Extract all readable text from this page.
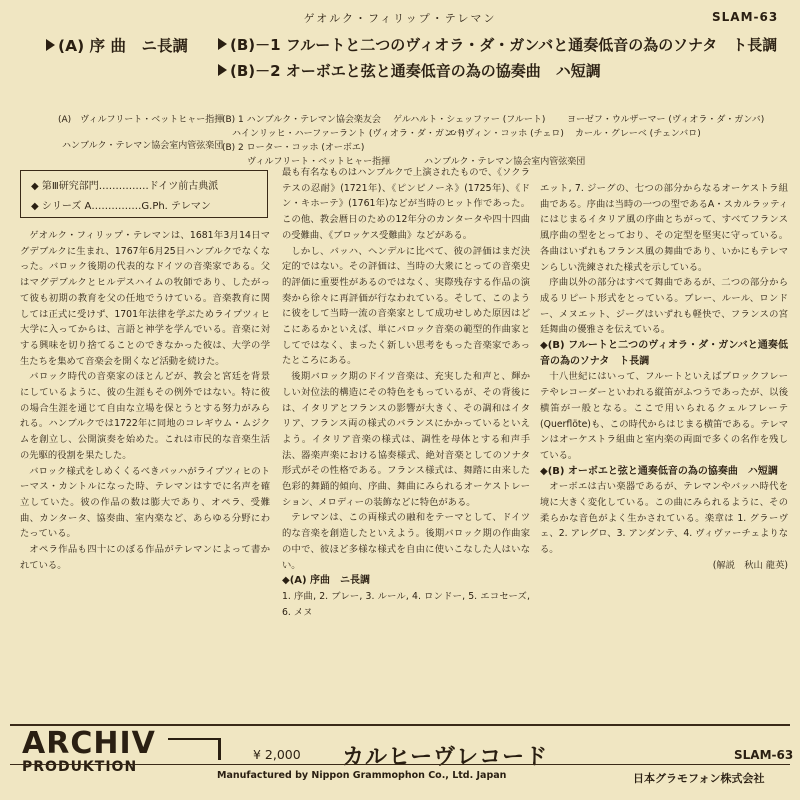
ゲオルク・フィリップ・テレマン	SLAM-63
(A) 序 曲　ニ長調	(B)－1 フルートと二つのヴィオラ・ダ・ガンバと通奏低音の為のソナタ　ト長調
(B)－2 オーボエと弦と通奏低音の為の協奏曲　ハ短調
(A)　ヴィルフリート・ベットヒャー指揮
ハンブルク・テレマン協会室内管弦楽団
(B) 1 ハンブルク・テレマン協会楽友会 ゲルハルト・シェッファー (フルート) ヨーゼフ・ウルザーマー (ヴィオラ・ダ・ガンバ)
ハインリッヒ・ハーファーラント (ヴィオラ・ダ・ガンバ)
エドヴィン・コッホ (チェロ) カール・グレーベ (チェンバロ)
(B) 2 ローター・コッホ (オーボエ)
ヴィルフリート・ベットヒャー指揮	ハンブルク・テレマン協会室内管弦楽団
◆ 第Ⅲ研究部門……………ドイツ前古典派
◆ シリーズ A……………G.Ph. テレマン

ゲオルク・フィリップ・テレマンは、1681年3月14日マグデブルクに生まれ、1767年6月25日ハンブルクでなくなった。バロック後期の代表的なドイツの音楽家である。父はマグデブルクとヒルデスハイムの牧師であり、したがって彼も初期の教育を父の任地でうけている。音楽教育に関しては正式に受けず、1701年法律を学ぶためライプツィヒ大学に入ってからは、言語と神学を学んでいる。音楽に対する興味を切り捨てることのできなかった彼は、大学の学生たちを集めて音楽会を開くなど活動を続けた。

バロック時代の音楽家のほとんどが、教会と宮廷を背景にしているように、彼の生涯もその例外ではない。特に彼の場合生涯を通じて自由な立場を保とうとする努力がみられる。ハンブルクでは1722年に同地のコレギウム・ムジクムを創立し、公開演奏を始めた。これは市民的な音楽生活の先駆的役割を果たした。

バロック様式をしめくくるべきバッハがライプツィヒのトーマス・カントルになった時、テレマンはすでに名声を確立していた。彼の作品の数は膨大であり、オペラ、受難曲、カンタータ、協奏曲、室内楽など、あらゆる分野にわたっている。

オペラ作品も四十にのぼる作品がテレマンによって書かれている。

最も有名なものはハンブルクで上演されたもので、《ソクラテスの忍耐》(1721年)、《ピンピノーネ》(1725年)、《ドン・キホーテ》(1761年)などが当時のヒット作であった。この他、教会暦日のための12年分のカンタータや四十四曲の受難曲、《ブロッケス受難曲》などがある。

しかし、バッハ、ヘンデルに比べて、彼の評価はまだ決定的ではない。その評価は、当時の大衆にとっての音楽史的評価に重要性があるのではなく、実際残存する作品の演奏から徐々に再評価が行なわれている。そして、このように彼をして当時一流の音楽家として成功せしめた原因はどこにあるかといえば、単にバロック音楽の範型的作曲家としてではなく、まったく新しい思考をもった音楽家であったところにある。

後期バロック期のドイツ音楽は、充実した和声と、輝かしい対位法的構造にその特色をもっているが、その背後には、イタリアとフランスの影響が大きく、その調和はイタリア、フランス両の様式のバランスにかかっているといえよう。イタリア音楽の様式は、調性を母体とする和声手法、器楽声楽における協奏様式、絶対音楽としてのソナタ形式がその性格である。フランス様式は、舞踏に由来した色彩的舞踊的傾向、序曲、舞曲にみられるオーケストレーション、メロディーの装飾などに特色がある。

テレマンは、この両様式の融和をテーマとして、ドイツ的な音楽を創造したといえよう。後期バロック期の作曲家の中で、彼ほど多様な様式を自由に使いこなした人はいない。

◆(A) 序曲　ニ長調

1. 序曲, 2. ブレー, 3. ルール, 4. ロンドー, 5. エコセーズ, 6. メヌ

エット, 7. ジーグの、七つの部分からなるオーケストラ組曲である。序曲は当時の一つの型であるA・スカルラッティにはじまるイタリア風の序曲とちがって、すべてフランス風序曲の型をとっており、その定型を堅実に守っている。各曲はいずれもフランス風の舞曲であり、いかにもテレマンらしい洗練された様式を示している。

序曲以外の部分はすべて舞曲であるが、二つの部分から成るリピート形式をとっている。ブレー、ルール、ロンドー、メヌエット、ジーグはいずれも軽快で、フランスの宮廷舞曲の優雅さを伝えている。

◆(B) フルートと二つのヴィオラ・ダ・ガンバと通奏低音の為のソナタ　ト長調

十八世紀にはいって、フルートといえばブロックフレーテやレコーダーといわれる縦笛がふつうであったが、以後横笛が一般となる。ここで用いられるクェルフレーテ(Querflöte)も、この時代からはじまる横笛である。テレマンはオーケストラ組曲と室内楽の両面で多くの名作を残している。

◆(B) オーボエと弦と通奏低音の為の協奏曲　ハ短調

オーボエは古い楽器であるが、テレマンやバッハ時代を境に大きく変化している。この曲にみられるように、その柔らかな音色がよく生かされている。楽章は 1. グラーヴェ、2. アレグロ、3. アンダンテ、4. ヴィヴァーチェよりなる。

(解説　秋山 龍英)

ARCHIV
PRODUKTION
¥ 2,000 カルヒーヴレコード	SLAM-63
Manufactured by Nippon Grammophon Co., Ltd. Japan	日本グラモフォン株式会社
